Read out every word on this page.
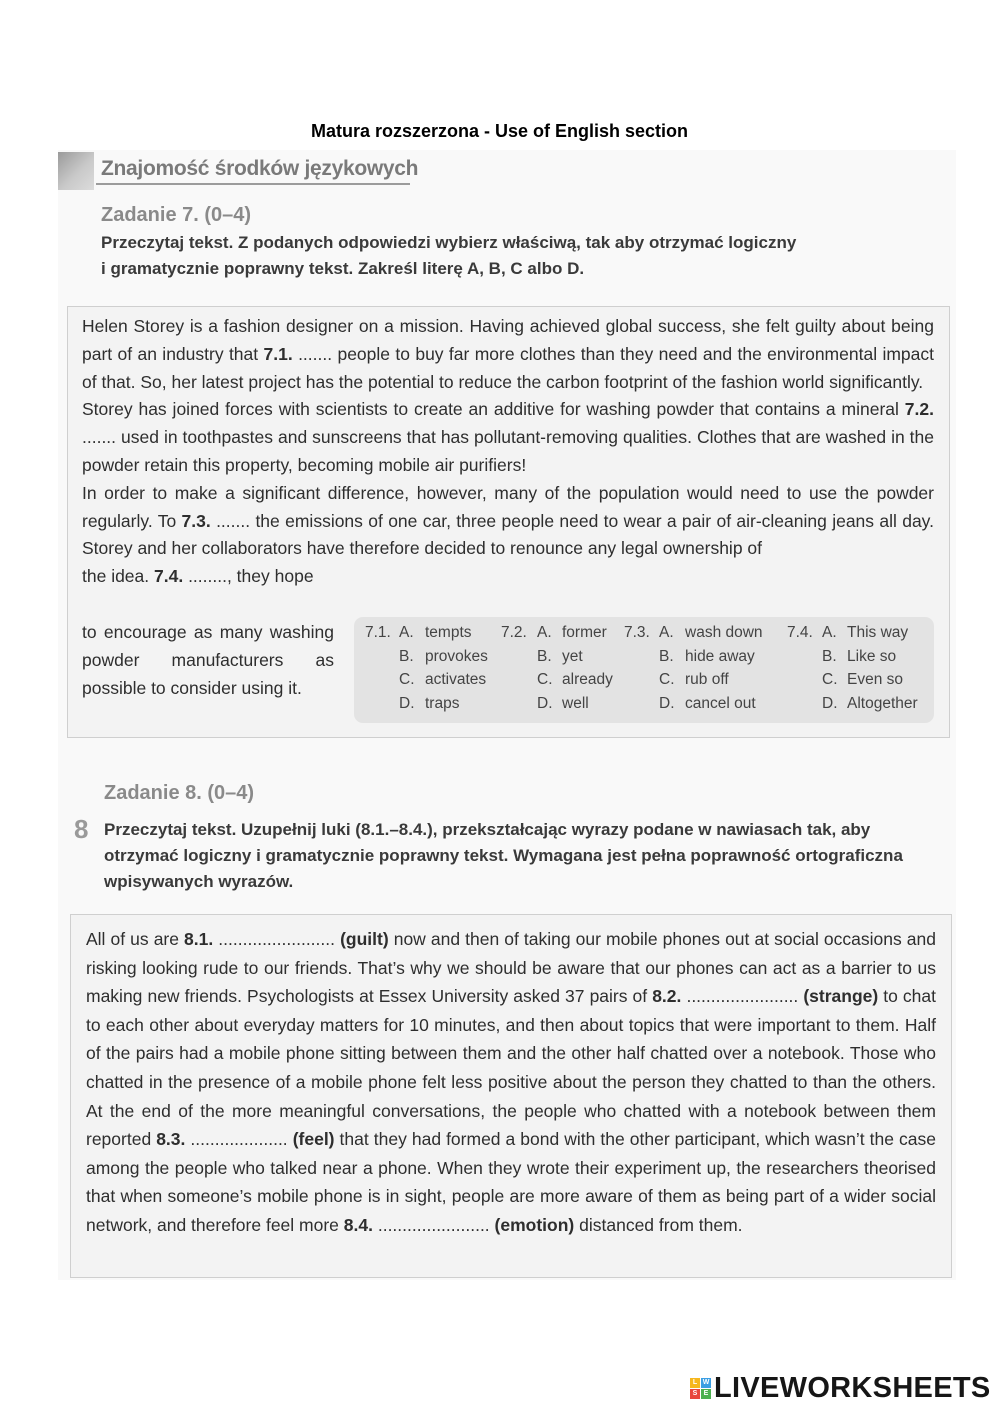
Matura rozszerzona - Use of English section
Znajomość środków językowych
Zadanie 7. (0–4)
Przeczytaj tekst. Z podanych odpowiedzi wybierz właściwą, tak aby otrzymać logiczny
i gramatycznie poprawny tekst. Zakreśl literę A, B, C albo D.

Helen Storey is a fashion designer on a mission. Having achieved global success, she felt guilty about being part of an industry that 7.1. ....... people to buy far more clothes than they need and the environmental impact of that. So, her latest project has the potential to reduce the carbon footprint of the fashion world significantly.

Storey has joined forces with scientists to create an additive for washing powder that contains a mineral 7.2. ....... used in toothpastes and sunscreens that has pollutant-removing qualities. Clothes that are washed in the powder retain this property, becoming mobile air purifiers!

In order to make a significant difference, however, many of the population would need to use the powder regularly. To 7.3. ....... the emissions of one car, three people need to wear a pair of air-cleaning jeans all day. Storey and her collaborators have therefore decided to renounce any legal ownership of

the idea. 7.4. ........, they hope

to encourage as many washing powder manufacturers as possible to consider using it.

7.1. A.
B.
C.
D.
tempts
provokes
activates
traps
7.2. A.
B.
C.
D.
former
yet
already
well
7.3. A.
B.
C.
D.
wash down
hide away
rub off
cancel out
7.4. A.
B.
C.
D.
This way
Like so
Even so
Altogether
Zadanie 8. (0–4)
8 Przeczytaj tekst. Uzupełnij luki (8.1.–8.4.), przekształcając wyrazy podane w nawiasach tak, aby
otrzymać logiczny i gramatycznie poprawny tekst. Wymagana jest pełna poprawność ortograficzna
wpisywanych wyrazów.

All of us are 8.1. ........................ (guilt) now and then of taking our mobile phones out at social occasions and risking looking rude to our friends. That’s why we should be aware that our phones can act as a barrier to us making new friends. Psychologists at Essex University asked 37 pairs of 8.2. ....................... (strange) to chat to each other about everyday matters for 10 minutes, and then about topics that were important to them. Half of the pairs had a mobile phone sitting between them and the other half chatted over a notebook. Those who chatted in the presence of a mobile phone felt less positive about the person they chatted to than the others. At the end of the more meaningful conversations, the people who chatted with a notebook between them reported 8.3. .................... (feel) that they had formed a bond with the other participant, which wasn’t the case among the people who talked near a phone. When they wrote their experiment up, the researchers theorised that when someone’s mobile phone is in sight, people are more aware of them as being part of a wider social network, and therefore feel more 8.4. ....................... (emotion) distanced from them.

L W
S E LIVEWORKSHEETS
